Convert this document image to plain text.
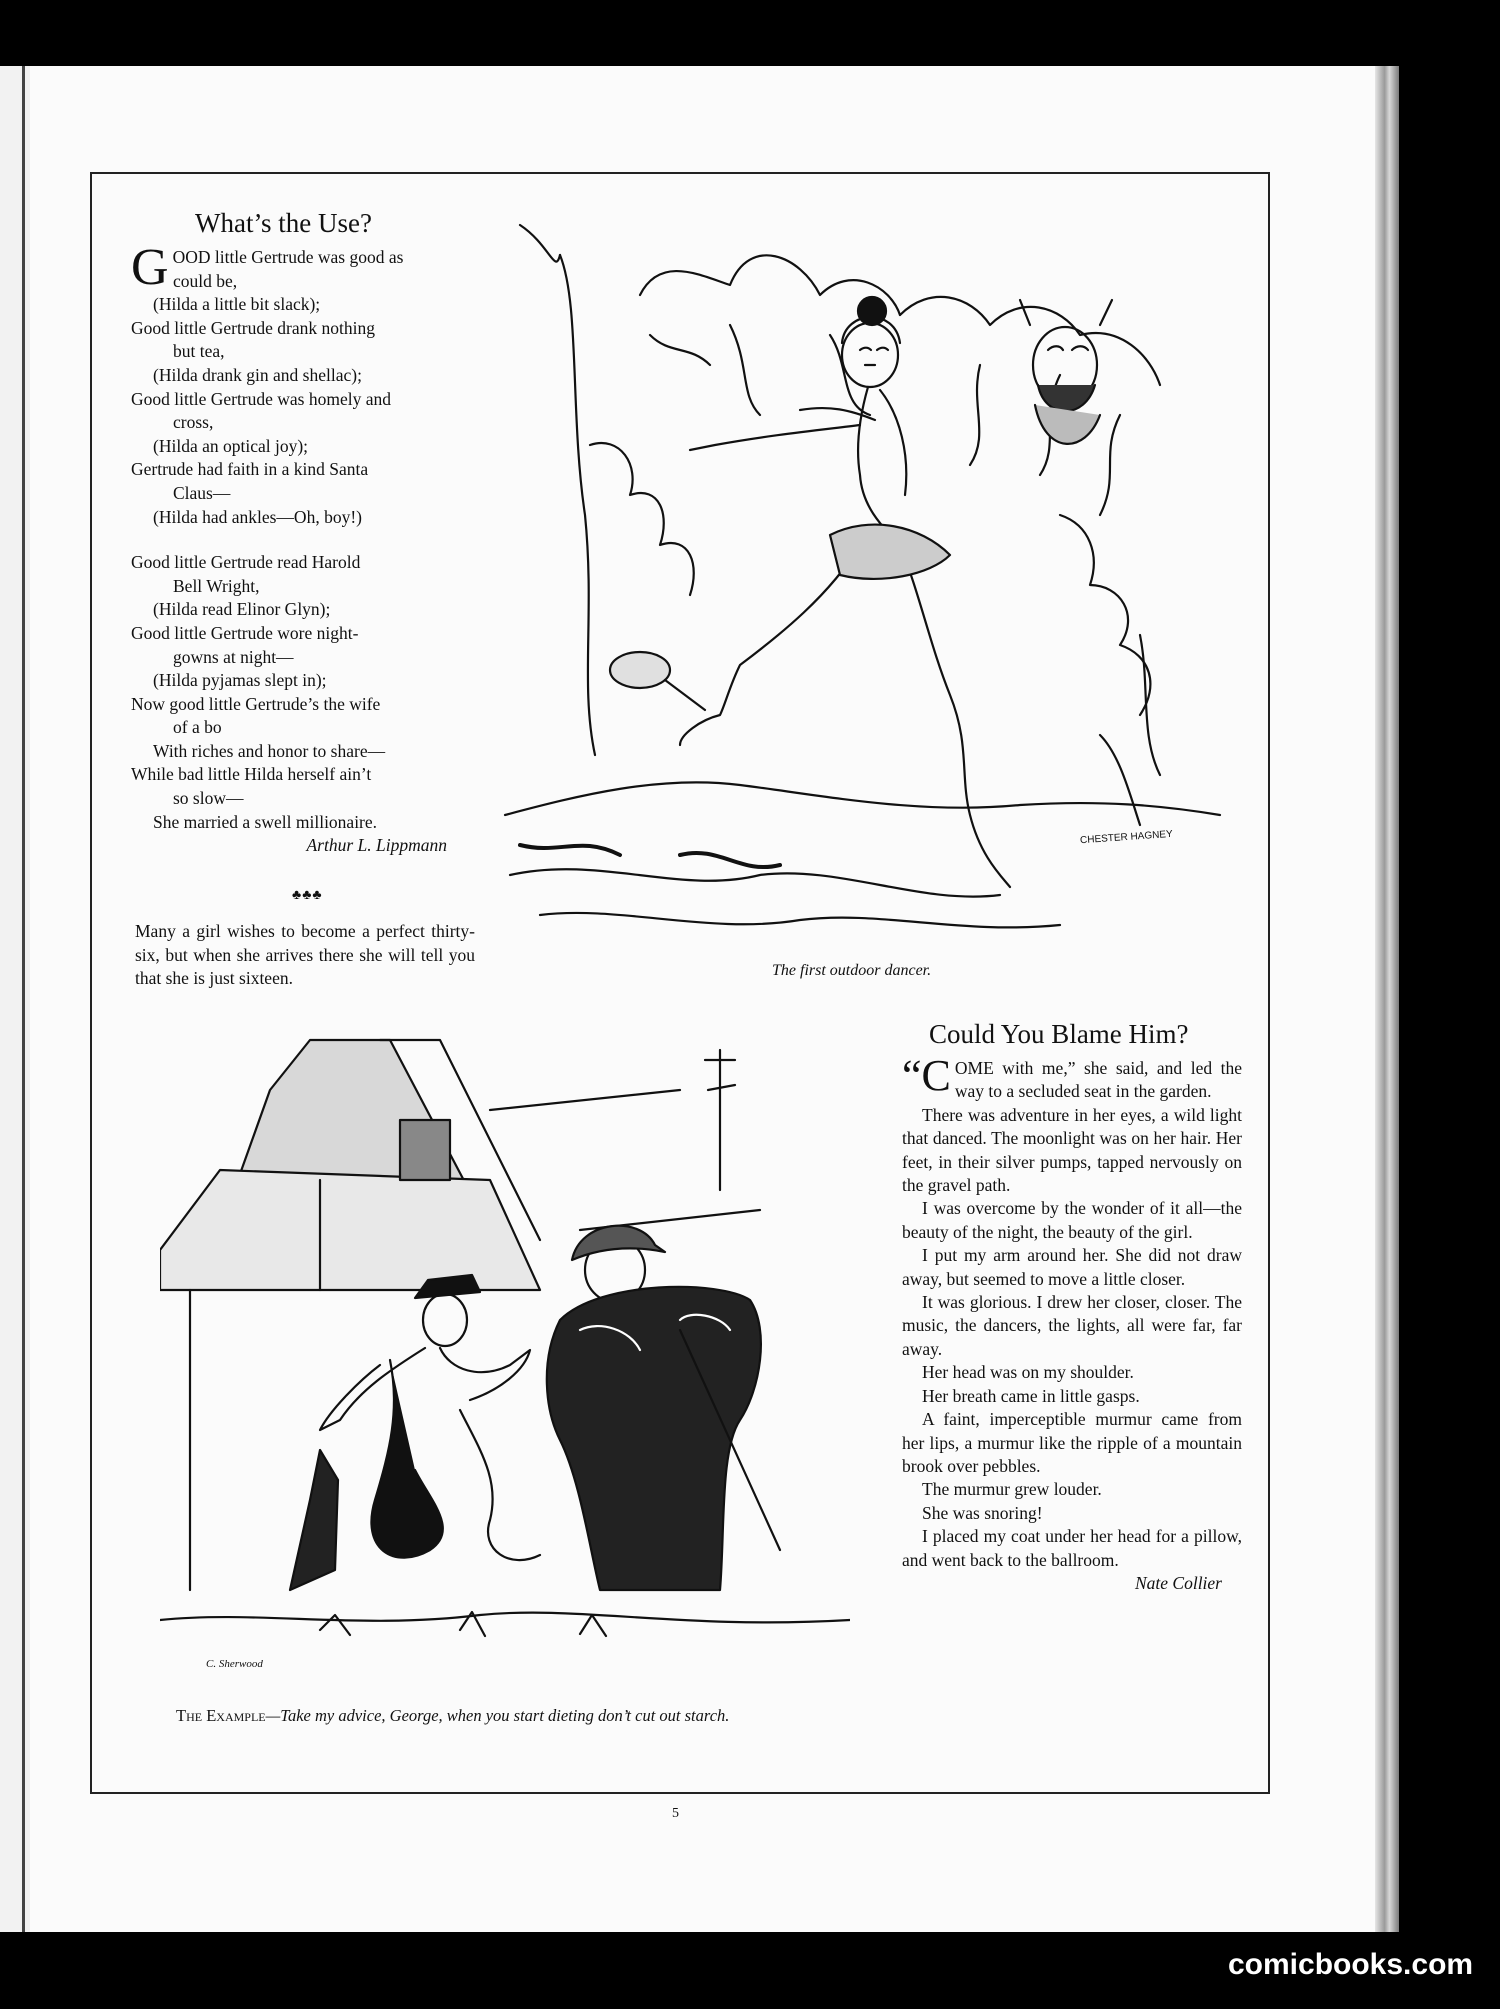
What’s the Use?
G OOD little Gertrude was good as
could be,
(Hilda a little bit slack);
Good little Gertrude drank nothing
but tea,
(Hilda drank gin and shellac);
Good little Gertrude was homely and
cross,
(Hilda an optical joy);
Gertrude had faith in a kind Santa
Claus—
(Hilda had ankles—Oh, boy!)
Good little Gertrude read Harold
Bell Wright,
(Hilda read Elinor Glyn);
Good little Gertrude wore night-
gowns at night—
(Hilda pyjamas slept in);
Now good little Gertrude’s the wife
of a bo
With riches and honor to share—
While bad little Hilda herself ain’t
so slow—
She married a swell millionaire.
Arthur L. Lippmann
♣♣♣
Many a girl wishes to become a perfect thirty-six, but when she arrives there she will tell you that she is just sixteen.	The first outdoor dancer.
CHESTER HAGNEY
C. Sherwood
The Example—Take my advice, George, when you start dieting don’t cut out starch.
Could You Blame Him?

“COME with me,” she said, and led the way to a secluded seat in the garden.

There was adventure in her eyes, a wild light that danced. The moonlight was on her hair. Her feet, in their silver pumps, tapped nervously on the gravel path.

I was overcome by the wonder of it all—the beauty of the night, the beauty of the girl.

I put my arm around her. She did not draw away, but seemed to move a little closer.

It was glorious. I drew her closer, closer. The music, the dancers, the lights, all were far, far away.

Her head was on my shoulder.

Her breath came in little gasps.

A faint, imperceptible murmur came from her lips, a murmur like the ripple of a mountain brook over pebbles.

The murmur grew louder.

She was snoring!

I placed my coat under her head for a pillow, and went back to the ballroom.
Nate Collier

5
comicbooks.com
